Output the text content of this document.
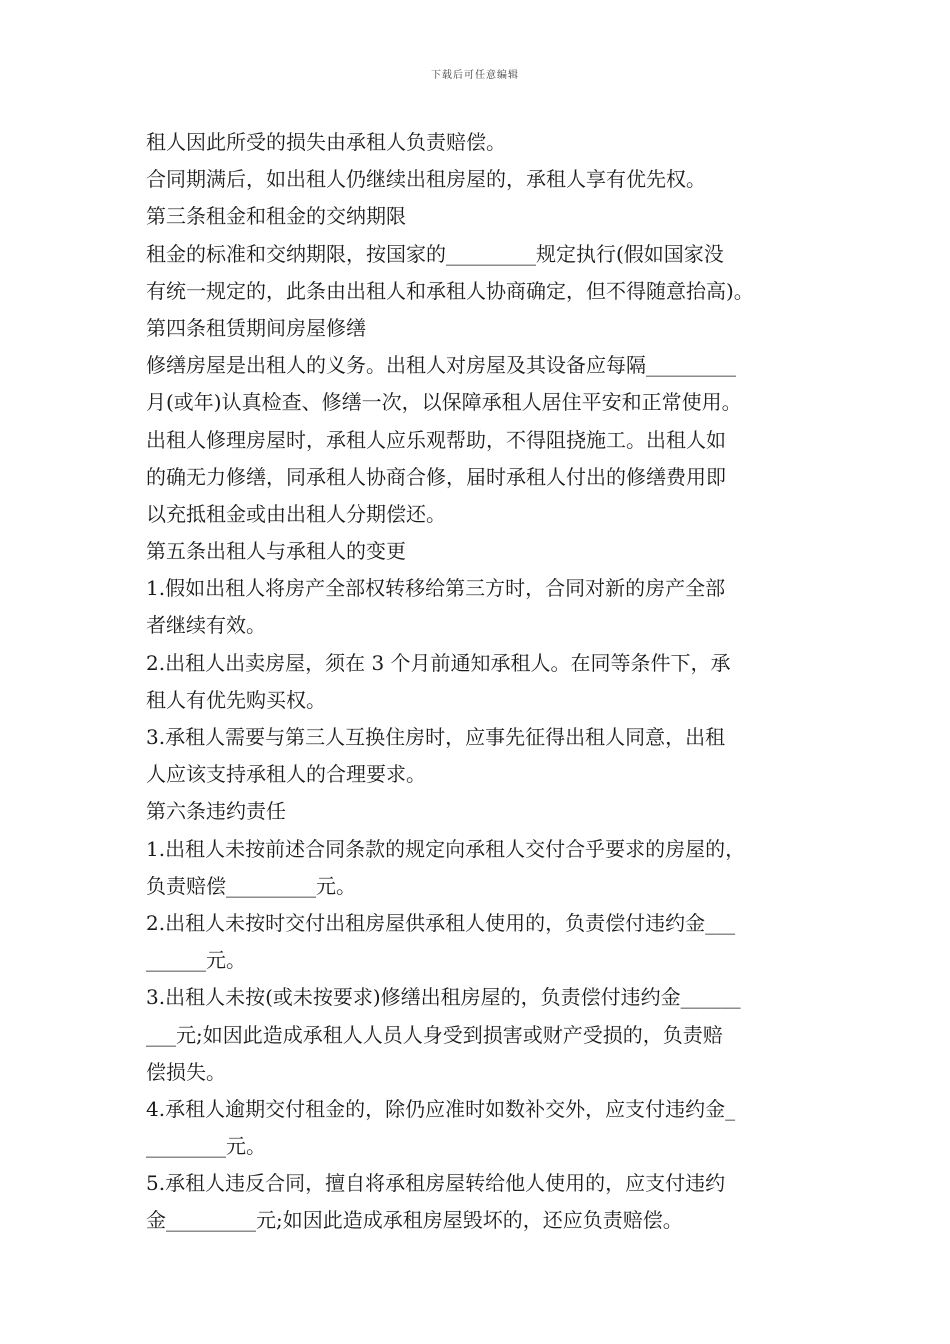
下载后可任意编辑
租人因此所受的损失由承租人负责赔偿。
合同期满后，如出租人仍继续出租房屋的，承租人享有优先权。
第三条租金和租金的交纳期限
租金的标准和交纳期限，按国家的_________规定执行(假如国家没
有统一规定的，此条由出租人和承租人协商确定，但不得随意抬高)。
第四条租赁期间房屋修缮
修缮房屋是出租人的义务。出租人对房屋及其设备应每隔_________
月(或年)认真检查、修缮一次，以保障承租人居住平安和正常使用。
出租人修理房屋时，承租人应乐观帮助，不得阻挠施工。出租人如
的确无力修缮，同承租人协商合修，届时承租人付出的修缮费用即
以充抵租金或由出租人分期偿还。
第五条出租人与承租人的变更
1.假如出租人将房产全部权转移给第三方时，合同对新的房产全部
者继续有效。
2.出租人出卖房屋，须在 3 个月前通知承租人。在同等条件下，承
租人有优先购买权。
3.承租人需要与第三人互换住房时，应事先征得出租人同意，出租
人应该支持承租人的合理要求。
第六条违约责任
1.出租人未按前述合同条款的规定向承租人交付合乎要求的房屋的，
负责赔偿_________元。
2.出租人未按时交付出租房屋供承租人使用的，负责偿付违约金___
______元。
3.出租人未按(或未按要求)修缮出租房屋的，负责偿付违约金______
___元;如因此造成承租人人员人身受到损害或财产受损的，负责赔
偿损失。
4.承租人逾期交付租金的，除仍应准时如数补交外，应支付违约金_
________元。
5.承租人违反合同，擅自将承租房屋转给他人使用的，应支付违约
金_________元;如因此造成承租房屋毁坏的，还应负责赔偿。
